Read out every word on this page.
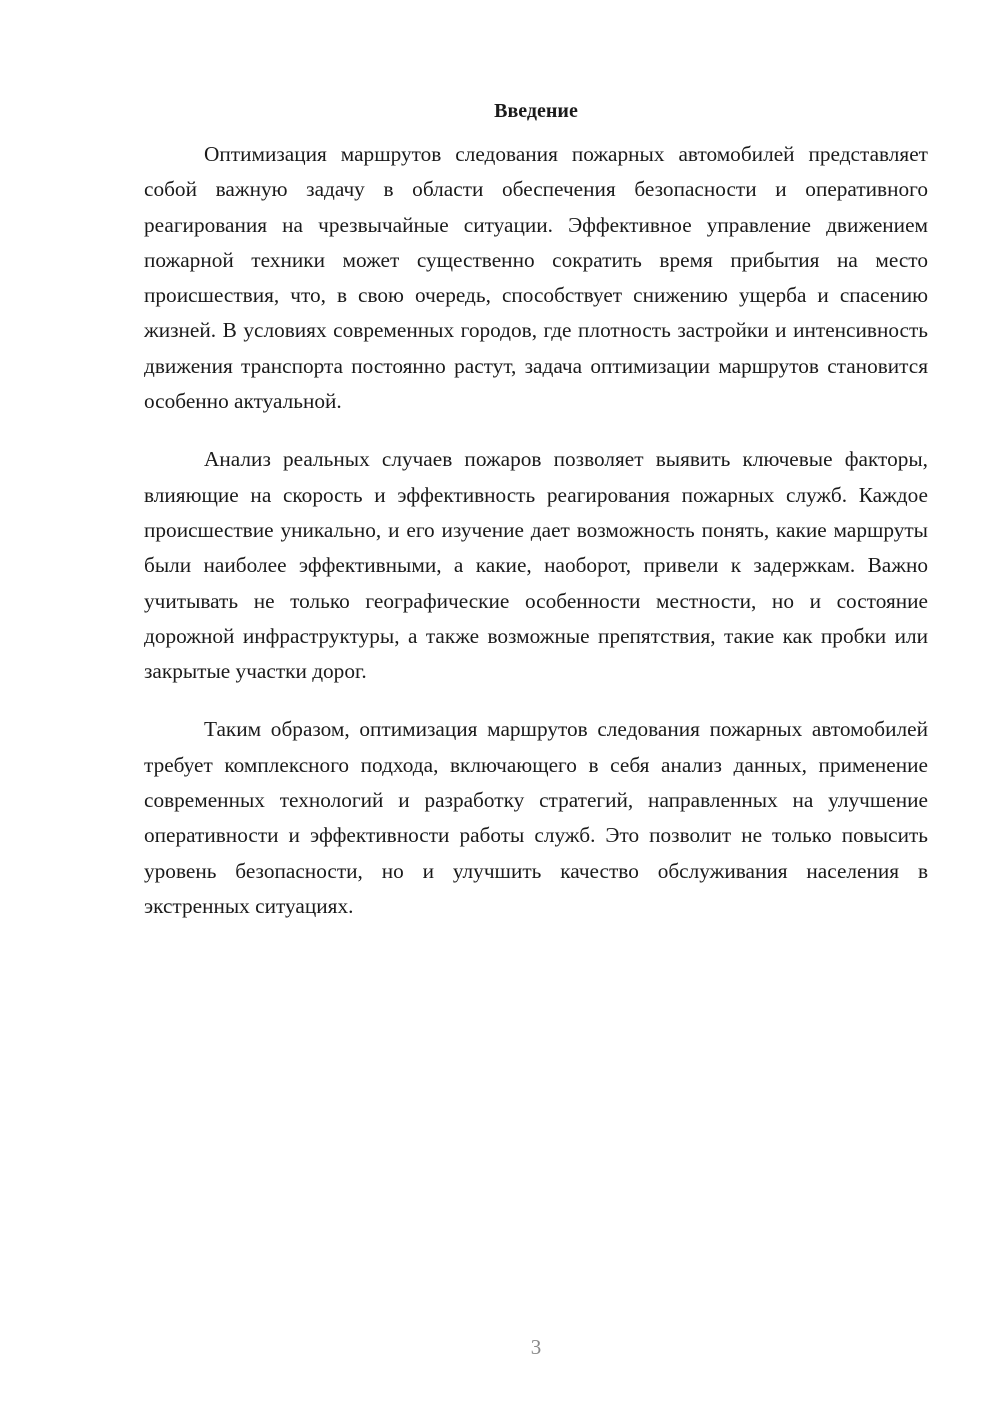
Введение

Оптимизация маршрутов следования пожарных автомобилей представляет собой важную задачу в области обеспечения безопасности и оперативного реагирования на чрезвычайные ситуации. Эффективное управление движением пожарной техники может существенно сократить время прибытия на место происшествия, что, в свою очередь, способствует снижению ущерба и спасению жизней. В условиях современных городов, где плотность застройки и интенсивность движения транспорта постоянно растут, задача оптимизации маршрутов становится особенно актуальной.

Анализ реальных случаев пожаров позволяет выявить ключевые факторы, влияющие на скорость и эффективность реагирования пожарных служб. Каждое происшествие уникально, и его изучение дает возможность понять, какие маршруты были наиболее эффективными, а какие, наоборот, привели к задержкам. Важно учитывать не только географические особенности местности, но и состояние дорожной инфраструктуры, а также возможные препятствия, такие как пробки или закрытые участки дорог.

Таким образом, оптимизация маршрутов следования пожарных автомобилей требует комплексного подхода, включающего в себя анализ данных, применение современных технологий и разработку стратегий, направленных на улучшение оперативности и эффективности работы служб. Это позволит не только повысить уровень безопасности, но и улучшить качество обслуживания населения в экстренных ситуациях.

3
